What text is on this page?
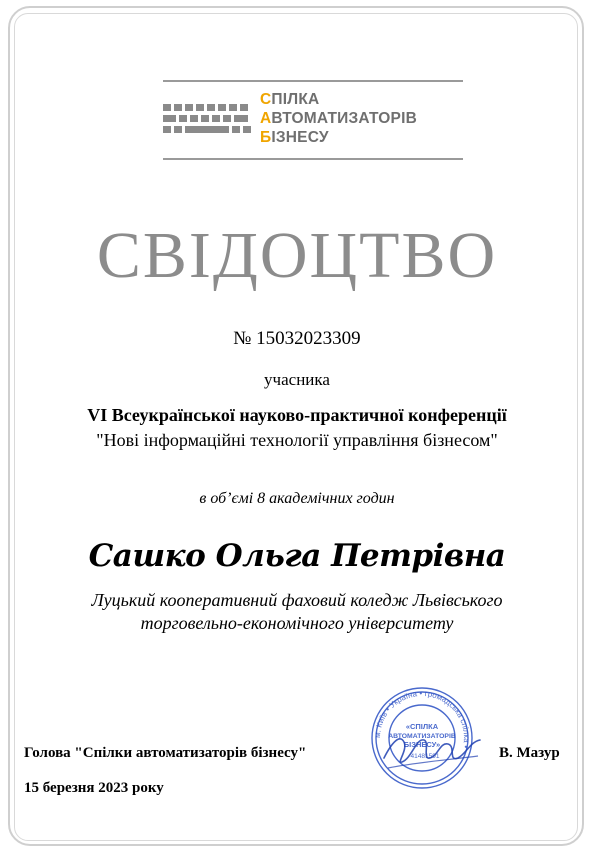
СПІЛКА
АВТОМАТИЗАТОРІВ
БІЗНЕСУ
СВІДОЦТВО
№ 15032023309
учасника
VI Всеукраїнської науково-практичної конференції
"Нові інформаційні технології управління бізнесом"
в об’ємі 8 академічних годин
Сашко Ольга Петрівна
Луцький кооперативний фаховий коледж Львівського
торговельно-економічного університету
м. Київ • Україна • громадська спілка •
«СПІЛКА
АВТОМАТИЗАТОРІВ
БІЗНЕСУ»
41481591
Голова "Спілки автоматизаторів бізнесу"	В. Мазур
15 березня 2023 року
